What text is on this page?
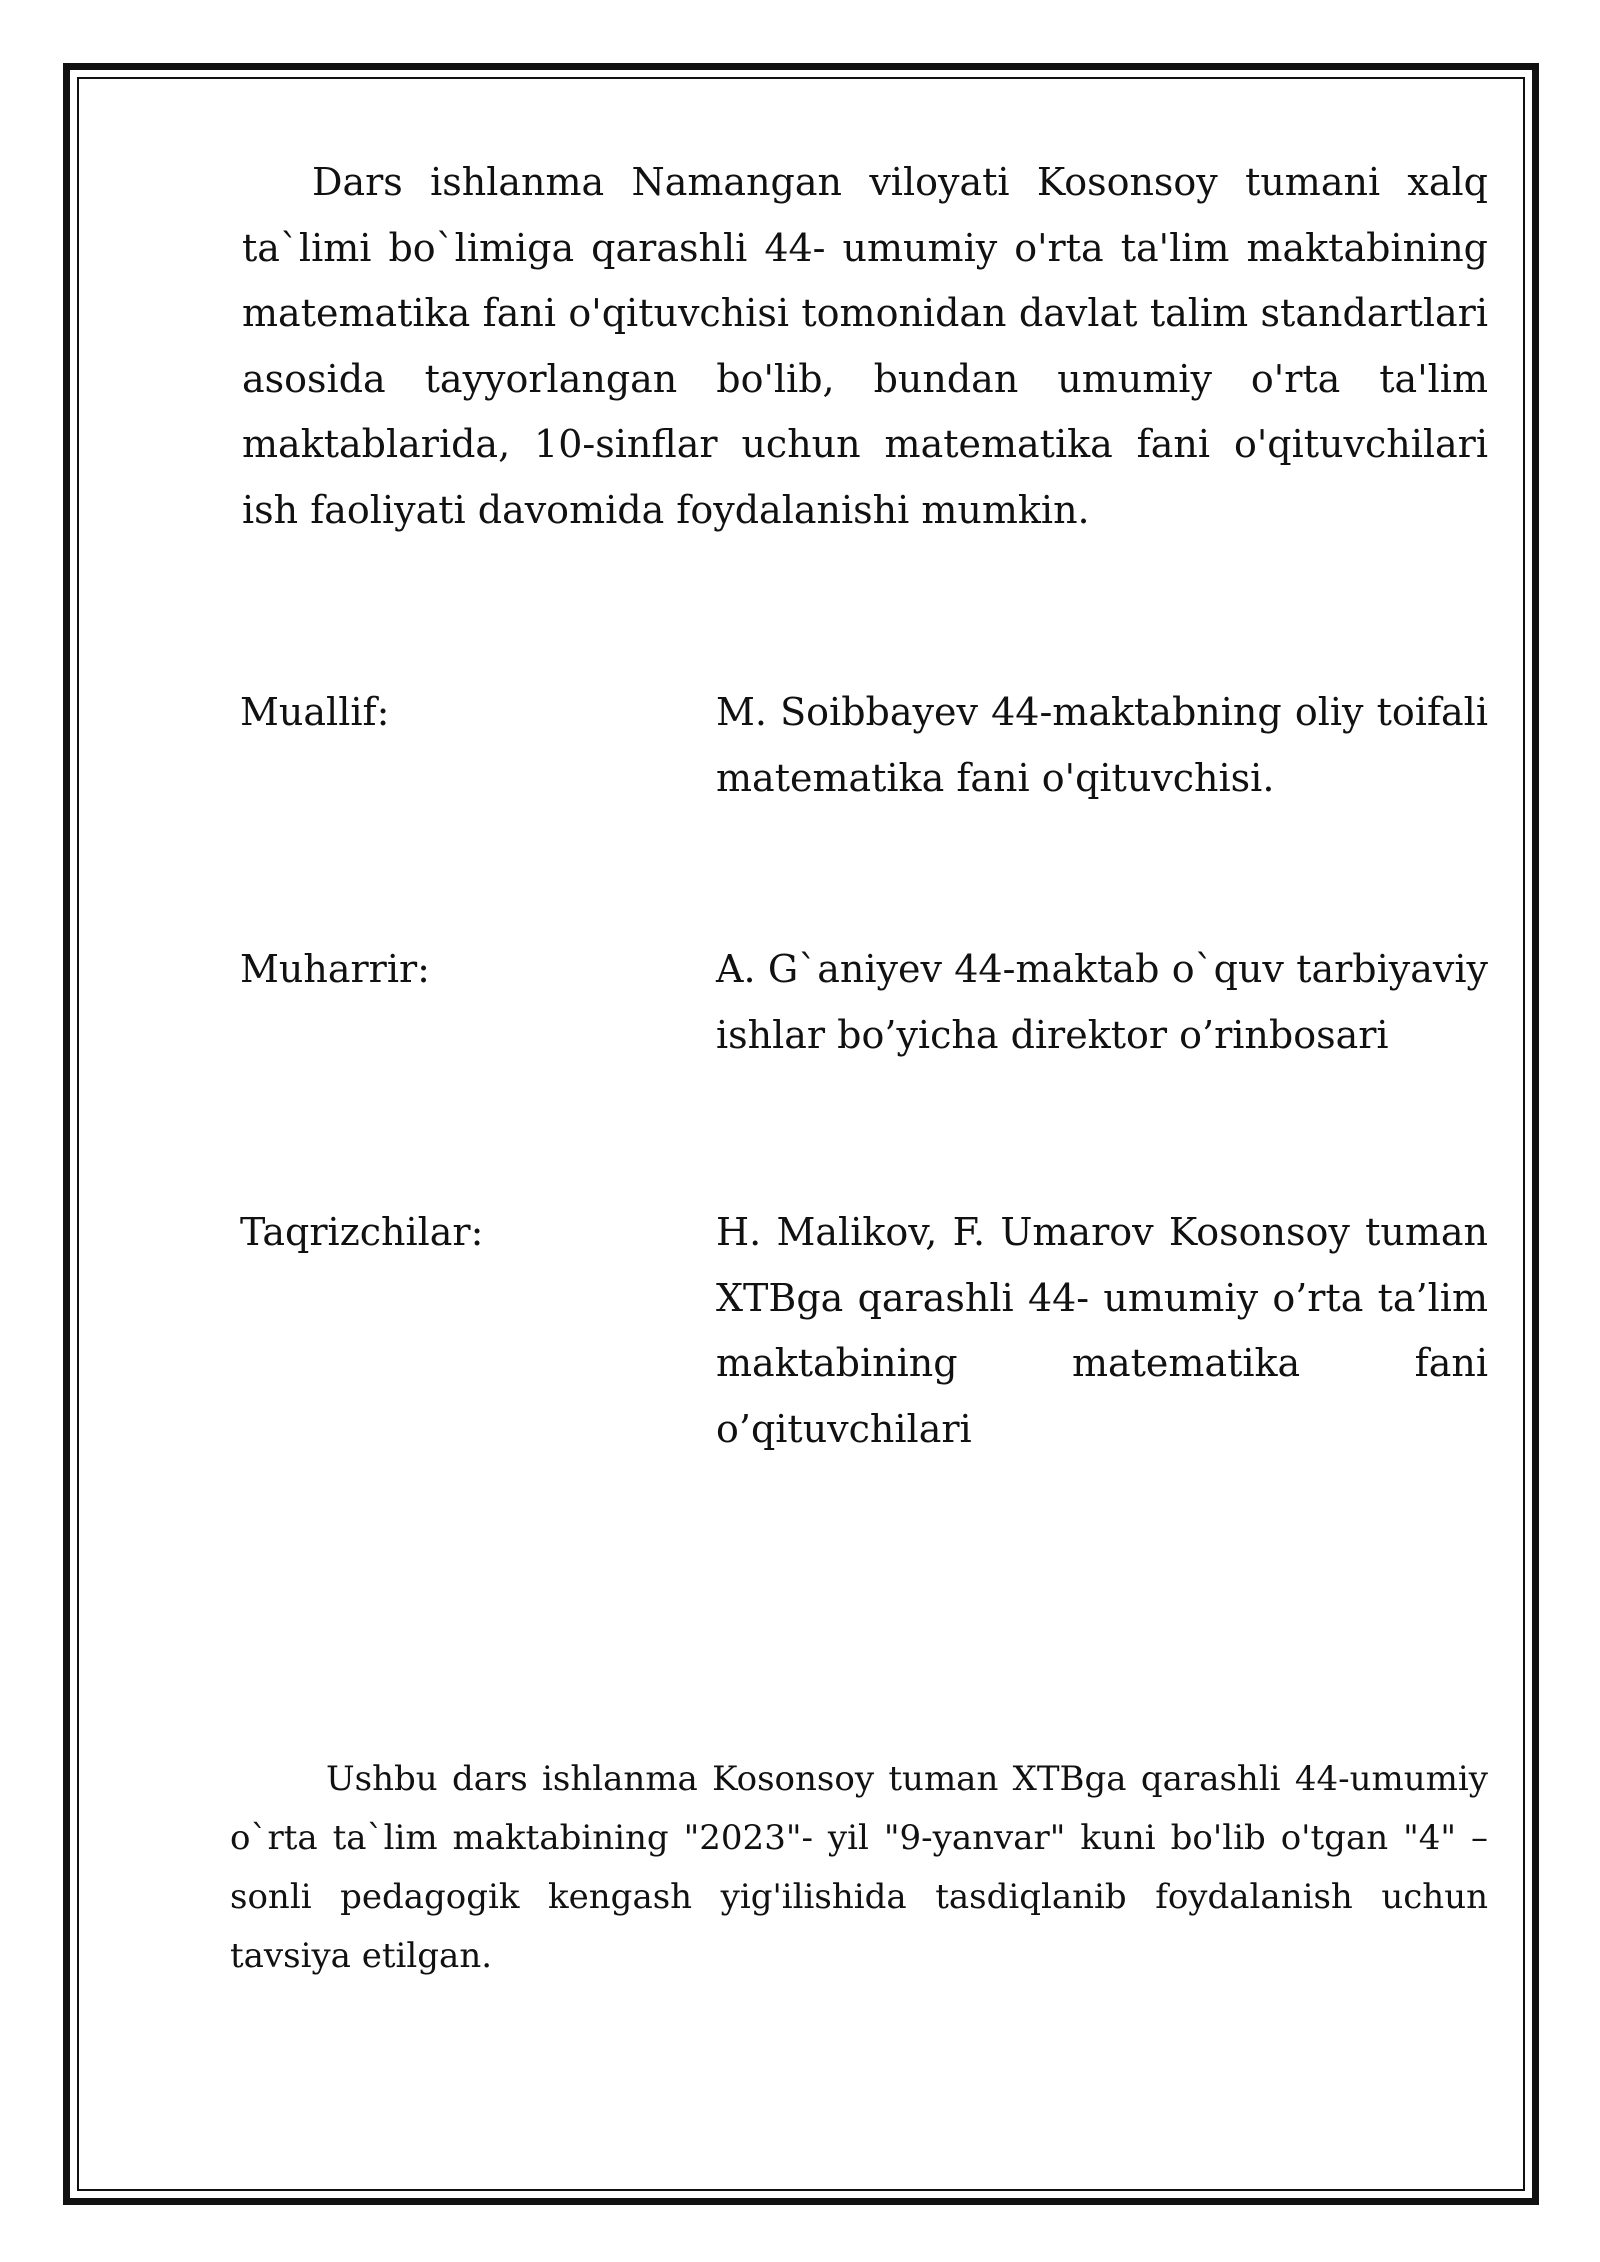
Dars ishlanma Namangan viloyati Kosonsoy tumani xalq ta`limi bo`limiga qarashli 44- umumiy o'rta ta'lim maktabining matematika fani o'qituvchisi tomonidan davlat talim standartlari asosida tayyorlangan bo'lib, bundan umumiy o'rta ta'lim maktablarida, 10-sinflar uchun matematika fani o'qituvchilari ish faoliyati davomida foydalanishi mumkin.

Muallif:	M. Soibbayev 44-maktabning oliy toifali matematika fani o'qituvchisi.

Muharrir:	A. G`aniyev 44-maktab o`quv tarbiyaviy ishlar bo’yicha direktor o’rinbosari

Taqrizchilar:	H. Malikov, F. Umarov Kosonsoy tuman XTBga qarashli 44- umumiy o’rta ta’lim maktabining matematika fani o’qituvchilari

Ushbu dars ishlanma Kosonsoy tuman XTBga qarashli 44-umumiy o`rta ta`lim maktabining "2023"- yil "9-yanvar" kuni bo'lib o'tgan "4" – sonli pedagogik kengash yig'ilishida tasdiqlanib foydalanish uchun tavsiya etilgan.
